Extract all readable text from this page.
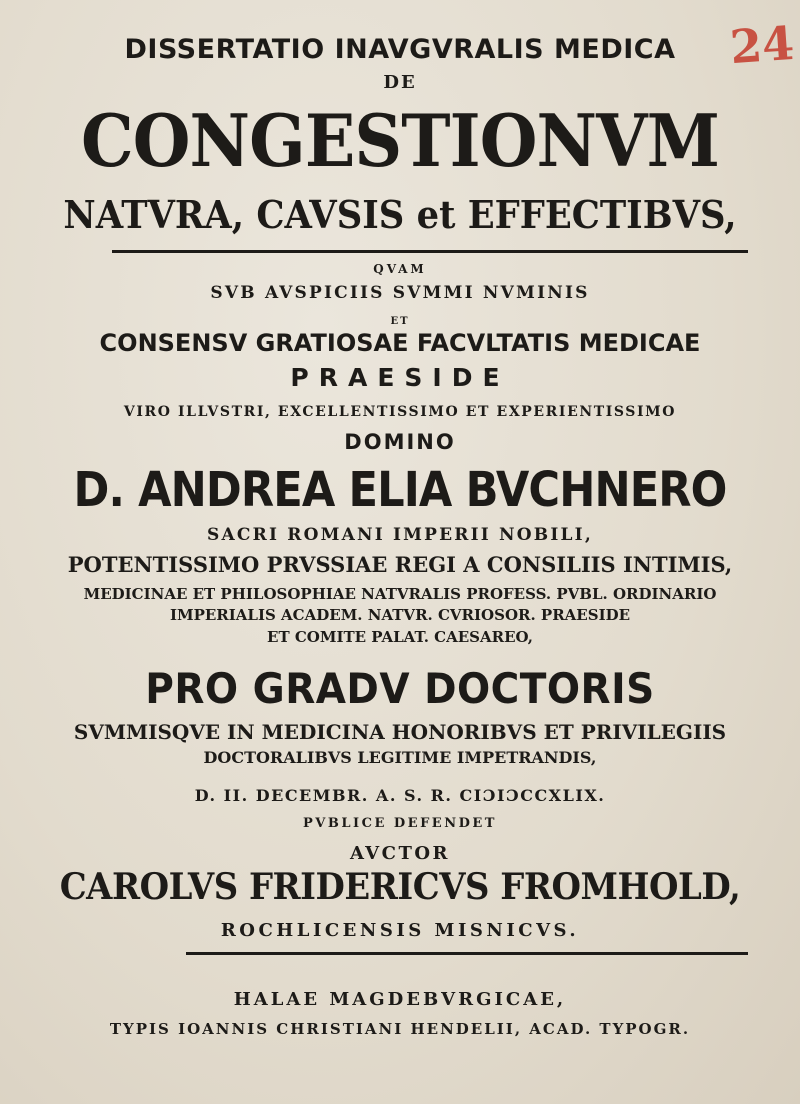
24
DISSERTATIO INAVGVRALIS MEDICA
DE
CONGESTIONVM
NATVRA, CAVSIS et EFFECTIBVS,
QVAM
SVB AVSPICIIS SVMMI NVMINIS
ET
CONSENSV GRATIOSAE FACVLTATIS MEDICAE
PRAESIDE
VIRO ILLVSTRI, EXCELLENTISSIMO ET EXPERIENTISSIMO
DOMINO
D. ANDREA ELIA BVCHNERO
SACRI ROMANI IMPERII NOBILI,
POTENTISSIMO PRVSSIAE REGI A CONSILIIS INTIMIS,
MEDICINAE ET PHILOSOPHIAE NATVRALIS PROFESS. PVBL. ORDINARIO
IMPERIALIS ACADEM. NATVR. CVRIOSOR. PRAESIDE
ET COMITE PALAT. CAESAREO,
PRO GRADV DOCTORIS
SVMMISQVE IN MEDICINA HONORIBVS ET PRIVILEGIIS
DOCTORALIBVS LEGITIME IMPETRANDIS,
D. II. DECEMBR. A. S. R. CIƆIƆCCXLIX.
PVBLICE DEFENDET
AVCTOR
CAROLVS FRIDERICVS FROMHOLD,
ROCHLICENSIS MISNICVS.
HALAE MAGDEBVRGICAE,
TYPIS IOANNIS CHRISTIANI HENDELII, ACAD. TYPOGR.
